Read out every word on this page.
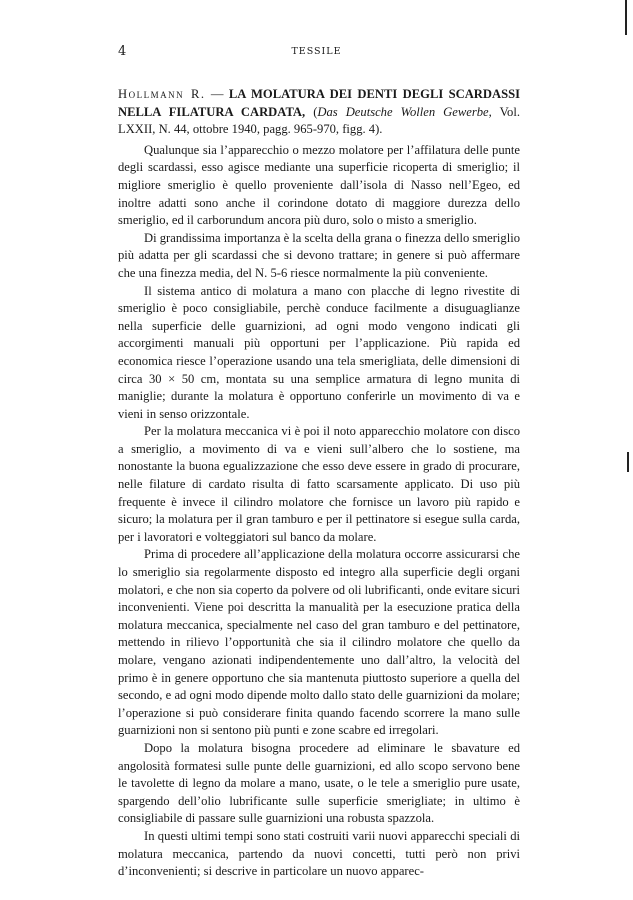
4	TESSILE

Hollmann R. — LA MOLATURA DEI DENTI DEGLI SCARDASSI NELLA FILATURA CARDATA, (Das Deutsche Wollen Gewerbe, Vol. LXXII, N. 44, ottobre 1940, pagg. 965-970, figg. 4).

Qualunque sia l’apparecchio o mezzo molatore per l’affilatura delle punte degli scardassi, esso agisce mediante una superficie ricoperta di smeriglio; il migliore smeriglio è quello proveniente dall’isola di Nasso nell’Egeo, ed inoltre adatti sono anche il corindone dotato di maggiore durezza dello smeriglio, ed il carborundum ancora più duro, solo o misto a smeriglio.

Di grandissima importanza è la scelta della grana o finezza dello smeriglio più adatta per gli scardassi che si devono trattare; in genere si può affermare che una finezza media, del N. 5-6 riesce normalmente la più conveniente.

Il sistema antico di molatura a mano con placche di legno rivestite di smeriglio è poco consigliabile, perchè conduce facilmente a disuguaglianze nella superficie delle guarnizioni, ad ogni modo vengono indicati gli accorgimenti manuali più opportuni per l’applicazione. Più rapida ed economica riesce l’operazione usando una tela smerigliata, delle dimensioni di circa 30 × 50 cm, montata su una semplice armatura di legno munita di maniglie; durante la molatura è opportuno conferirle un movimento di va e vieni in senso orizzontale.

Per la molatura meccanica vi è poi il noto apparecchio molatore con disco a smeriglio, a movimento di va e vieni sull’albero che lo sostiene, ma nonostante la buona egualizzazione che esso deve essere in grado di procurare, nelle filature di cardato risulta di fatto scarsamente applicato. Di uso più frequente è invece il cilindro molatore che fornisce un lavoro più rapido e sicuro; la molatura per il gran tamburo e per il pettinatore si esegue sulla carda, per i lavoratori e volteggiatori sul banco da molare.

Prima di procedere all’applicazione della molatura occorre assicurarsi che lo smeriglio sia regolarmente disposto ed integro alla superficie degli organi molatori, e che non sia coperto da polvere od oli lubrificanti, onde evitare sicuri inconvenienti. Viene poi descritta la manualità per la esecuzione pratica della molatura meccanica, specialmente nel caso del gran tamburo e del pettinatore, mettendo in rilievo l’opportunità che sia il cilindro molatore che quello da molare, vengano azionati indipendentemente uno dall’altro, la velocità del primo è in genere opportuno che sia mantenuta piuttosto superiore a quella del secondo, e ad ogni modo dipende molto dallo stato delle guarnizioni da molare; l’operazione si può considerare finita quando facendo scorrere la mano sulle guarnizioni non si sentono più punti e zone scabre ed irregolari.

Dopo la molatura bisogna procedere ad eliminare le sbavature ed angolosità formatesi sulle punte delle guarnizioni, ed allo scopo servono bene le tavolette di legno da molare a mano, usate, o le tele a smeriglio pure usate, spargendo dell’olio lubrificante sulle superficie smerigliate; in ultimo è consigliabile di passare sulle guarnizioni una robusta spazzola.

In questi ultimi tempi sono stati costruiti varii nuovi apparecchi speciali di molatura meccanica, partendo da nuovi concetti, tutti però non privi d’inconvenienti; si descrive in particolare un nuovo apparec-
